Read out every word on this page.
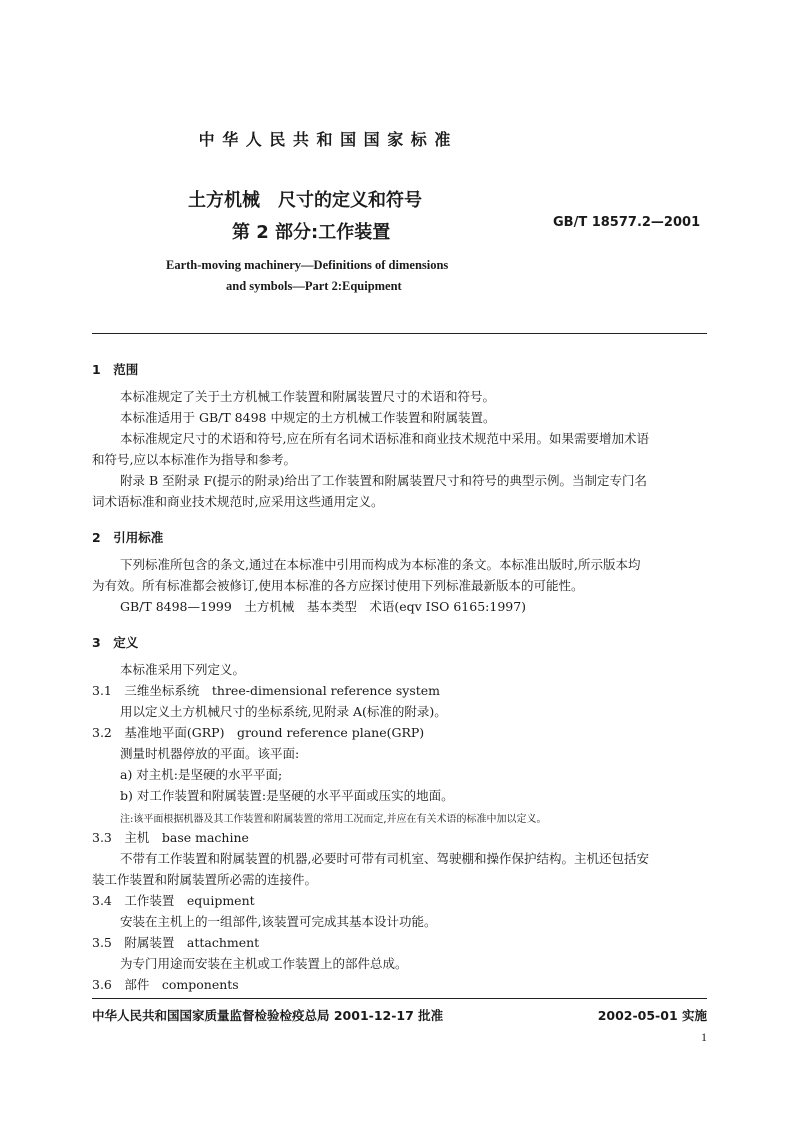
中 华 人 民 共 和 国 国 家 标 准
土方机械　尺寸的定义和符号
第 2 部分:工作装置	GB/T 18577.2—2001
Earth-moving machinery—Definitions of dimensions
and symbols—Part 2:Equipment
1　范围
本标准规定了关于土方机械工作装置和附属装置尺寸的术语和符号。
本标准适用于 GB/T 8498 中规定的土方机械工作装置和附属装置。
本标准规定尺寸的术语和符号,应在所有名词术语标准和商业技术规范中采用。如果需要增加术语
和符号,应以本标准作为指导和参考。
附录 B 至附录 F(提示的附录)给出了工作装置和附属装置尺寸和符号的典型示例。当制定专门名
词术语标准和商业技术规范时,应采用这些通用定义。
2　引用标准
下列标准所包含的条文,通过在本标准中引用而构成为本标准的条文。本标准出版时,所示版本均
为有效。所有标准都会被修订,使用本标准的各方应探讨使用下列标准最新版本的可能性。
GB/T 8498—1999　土方机械　基本类型　术语(eqv ISO 6165:1997)
3　定义
本标准采用下列定义。
3.1　三维坐标系统　three-dimensional reference system
用以定义土方机械尺寸的坐标系统,见附录 A(标准的附录)。
3.2　基准地平面(GRP)　ground reference plane(GRP)
测量时机器停放的平面。该平面:
a) 对主机:是坚硬的水平平面;
b) 对工作装置和附属装置:是坚硬的水平平面或压实的地面。
注:该平面根据机器及其工作装置和附属装置的常用工况而定,并应在有关术语的标准中加以定义。
3.3　主机　base machine
不带有工作装置和附属装置的机器,必要时可带有司机室、驾驶棚和操作保护结构。主机还包括安
装工作装置和附属装置所必需的连接件。
3.4　工作装置　equipment
安装在主机上的一组部件,该装置可完成其基本设计功能。
3.5　附属装置　attachment
为专门用途而安装在主机或工作装置上的部件总成。
3.6　部件　components
中华人民共和国国家质量监督检验检疫总局 2001-12-17 批准	2002-05-01 实施
1
